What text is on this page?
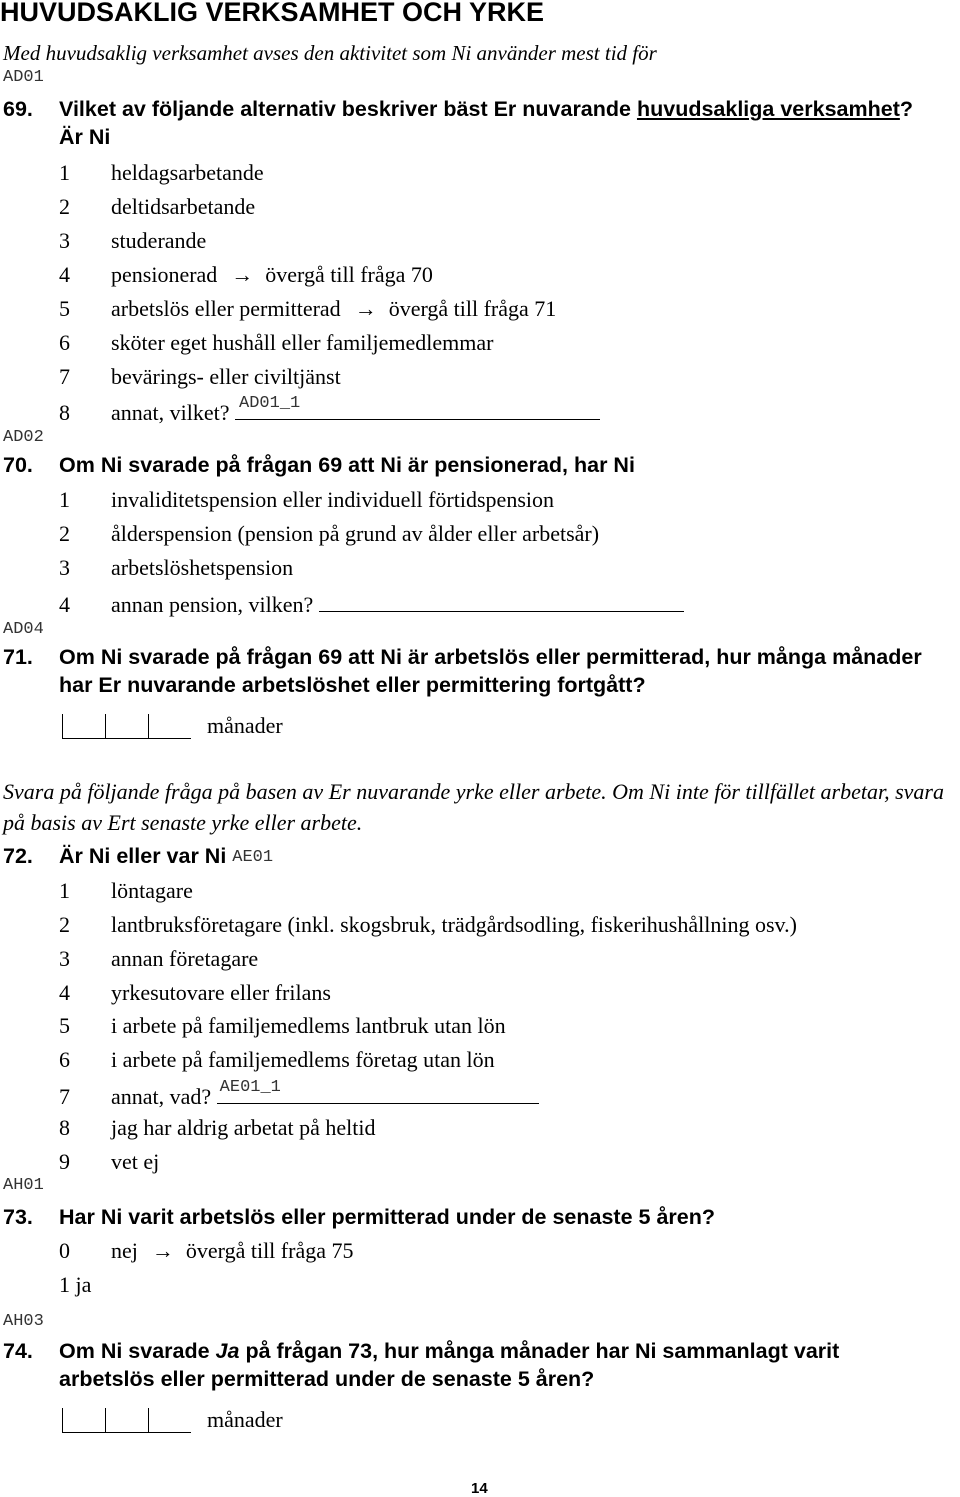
HUVUDSAKLIG VERKSAMHET OCH YRKE
Med huvudsaklig verksamhet avses den aktivitet som Ni använder mest tid för
AD01
69. Vilket av följande alternativ beskriver bäst Er nuvarande huvudsakliga verksamhet? Är Ni
1 heldagsarbetande
2 deltidsarbetande
3 studerande
4 pensionerad → övergå till fråga 70
5 arbetslös eller permitterad → övergå till fråga 71
6 sköter eget hushåll eller familjemedlemmar
7 bevärings- eller civiltjänst
8 annat, vilket? AD01_1
AD02
70. Om Ni svarade på frågan 69 att Ni är pensionerad, har Ni
1 invaliditetspension eller individuell förtidspension
2 ålderspension (pension på grund av ålder eller arbetsår)
3 arbetslöshetspension
4 annan pension, vilken?
AD04
71. Om Ni svarade på frågan 69 att Ni är arbetslös eller permitterad, hur många månader har Er nuvarande arbetslöshet eller permittering fortgått?
månader
Svara på följande fråga på basen av Er nuvarande yrke eller arbete. Om Ni inte för tillfället arbetar, svara på basis av Ert senaste yrke eller arbete.
72. Är Ni eller var Ni AE01
1 löntagare
2 lantbruksföretagare (inkl. skogsbruk, trädgårdsodling, fiskerihushållning osv.)
3 annan företagare
4 yrkesutovare eller frilans
5 i arbete på familjemedlems lantbruk utan lön
6 i arbete på familjemedlems företag utan lön
7 annat, vad? AE01_1
8 jag har aldrig arbetat på heltid
9 vet ej
AH01
73. Har Ni varit arbetslös eller permitterad under de senaste 5 åren?
0 nej → övergå till fråga 75
1 ja
AH03
74. Om Ni svarade Ja på frågan 73, hur många månader har Ni sammanlagt varit arbetslös eller permitterad under de senaste 5 åren?
månader
14
